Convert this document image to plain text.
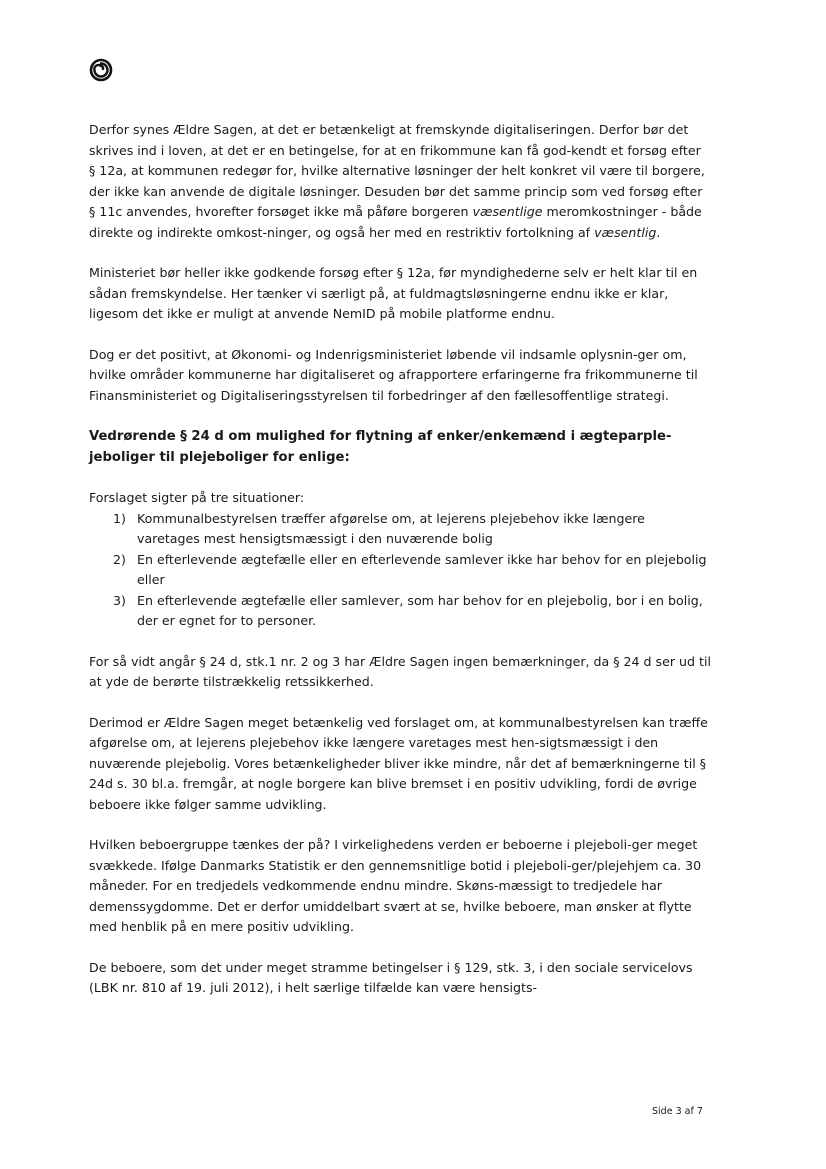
Derfor synes Ældre Sagen, at det er betænkeligt at fremskynde digitaliseringen. Derfor bør det skrives ind i loven, at det er en betingelse, for at en frikommune kan få god-kendt et forsøg efter § 12a, at kommunen redegør for, hvilke alternative løsninger der helt konkret vil være til borgere, der ikke kan anvende de digitale løsninger. Desuden bør det samme princip som ved forsøg efter § 11c anvendes, hvorefter forsøget ikke må påføre borgeren væsentlige meromkostninger - både direkte og indirekte omkost-ninger, og også her med en restriktiv fortolkning af væsentlig.

Ministeriet bør heller ikke godkende forsøg efter § 12a, før myndighederne selv er helt klar til en sådan fremskyndelse. Her tænker vi særligt på, at fuldmagtsløsningerne endnu ikke er klar, ligesom det ikke er muligt at anvende NemID på mobile platforme endnu.

Dog er det positivt, at Økonomi- og Indenrigsministeriet løbende vil indsamle oplysnin-ger om, hvilke områder kommunerne har digitaliseret og afrapportere erfaringerne fra frikommunerne til Finansministeriet og Digitaliseringsstyrelsen til forbedringer af den fællesoffentlige strategi.

Vedrørende § 24 d om mulighed for flytning af enker/enkemænd i ægteparple-jeboliger til plejeboliger for enlige:

Forslaget sigter på tre situationer:

1) Kommunalbestyrelsen træffer afgørelse om, at lejerens plejebehov ikke længere varetages mest hensigtsmæssigt i den nuværende bolig
2) En efterlevende ægtefælle eller en efterlevende samlever ikke har behov for en plejebolig eller
3) En efterlevende ægtefælle eller samlever, som har behov for en plejebolig, bor i en bolig, der er egnet for to personer.

For så vidt angår § 24 d, stk.1 nr. 2 og 3 har Ældre Sagen ingen bemærkninger, da § 24 d ser ud til at yde de berørte tilstrækkelig retssikkerhed.

Derimod er Ældre Sagen meget betænkelig ved forslaget om, at kommunalbestyrelsen kan træffe afgørelse om, at lejerens plejebehov ikke længere varetages mest hen-sigtsmæssigt i den nuværende plejebolig. Vores betænkeligheder bliver ikke mindre, når det af bemærkningerne til § 24d s. 30 bl.a. fremgår, at nogle borgere kan blive bremset i en positiv udvikling, fordi de øvrige beboere ikke følger samme udvikling.

Hvilken beboergruppe tænkes der på? I virkelighedens verden er beboerne i plejeboli-ger meget svækkede. Ifølge Danmarks Statistik er den gennemsnitlige botid i plejeboli-ger/plejehjem ca. 30 måneder. For en tredjedels vedkommende endnu mindre. Skøns-mæssigt to tredjedele har demenssygdomme. Det er derfor umiddelbart svært at se, hvilke beboere, man ønsker at flytte med henblik på en mere positiv udvikling.

De beboere, som det under meget stramme betingelser i § 129, stk. 3, i den sociale servicelovs (LBK nr. 810 af 19. juli 2012), i helt særlige tilfælde kan være hensigts-

Side 3 af 7
